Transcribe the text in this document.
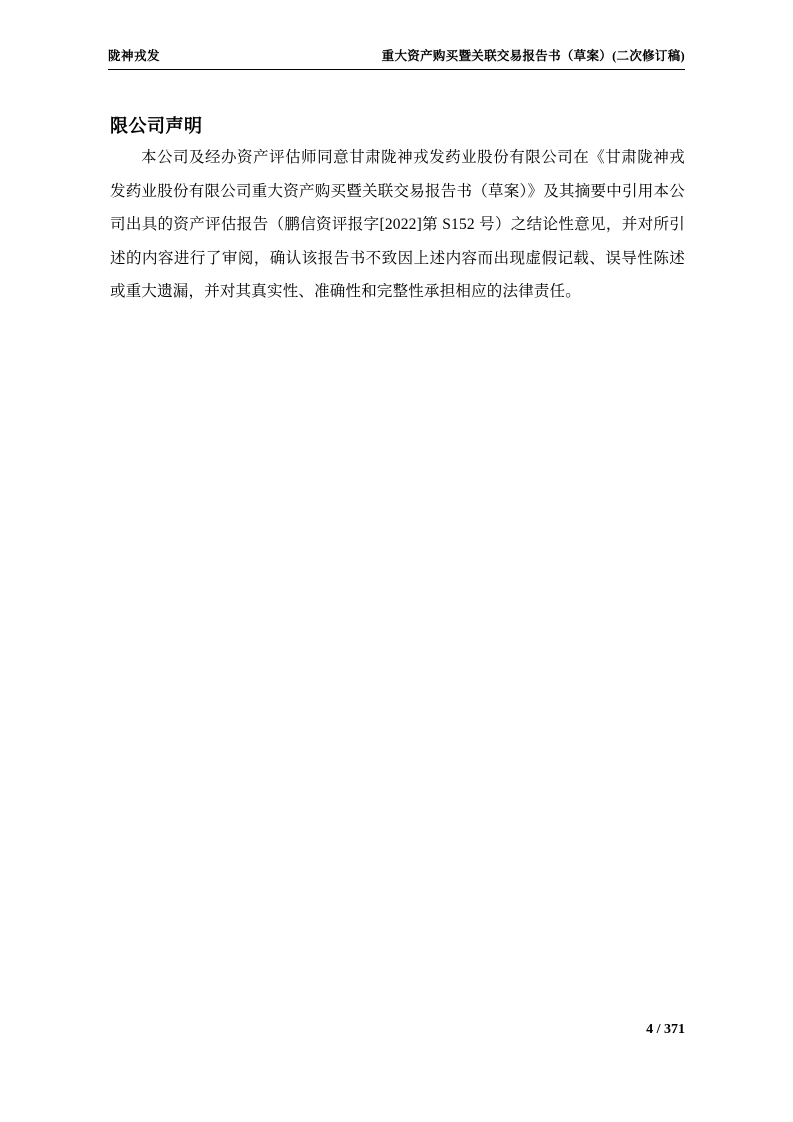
陇神戎发	重大资产购买暨关联交易报告书（草案）(二次修订稿)
限公司声明

本公司及经办资产评估师同意甘肃陇神戎发药业股份有限公司在《甘肃陇神戎发药业股份有限公司重大资产购买暨关联交易报告书（草案）》及其摘要中引用本公司出具的资产评估报告（鹏信资评报字[2022]第 S152 号）之结论性意见，并对所引述的内容进行了审阅，确认该报告书不致因上述内容而出现虚假记载、误导性陈述或重大遗漏，并对其真实性、准确性和完整性承担相应的法律责任。

4 / 371
